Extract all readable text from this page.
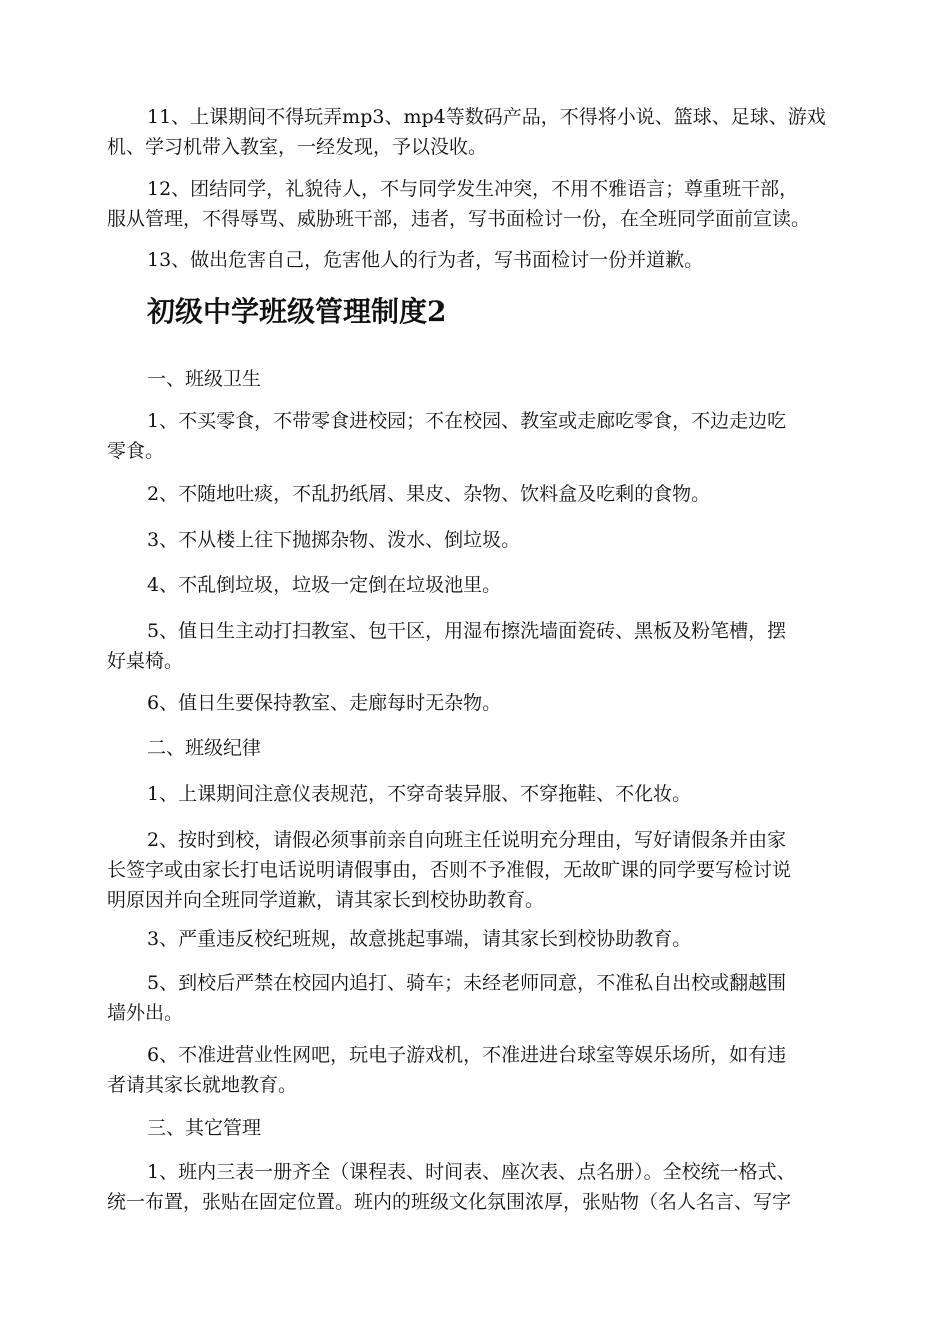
11、上课期间不得玩弄mp3、mp4等数码产品，不得将小说、篮球、足球、游戏
机、学习机带入教室，一经发现，予以没收。

12、团结同学，礼貌待人，不与同学发生冲突，不用不雅语言；尊重班干部，
服从管理，不得辱骂、威胁班干部，违者，写书面检讨一份，在全班同学面前宣读。

13、做出危害自己，危害他人的行为者，写书面检讨一份并道歉。

初级中学班级管理制度2

一、班级卫生

1、不买零食，不带零食进校园；不在校园、教室或走廊吃零食，不边走边吃
零食。

2、不随地吐痰，不乱扔纸屑、果皮、杂物、饮料盒及吃剩的食物。

3、不从楼上往下抛掷杂物、泼水、倒垃圾。

4、不乱倒垃圾，垃圾一定倒在垃圾池里。

5、值日生主动打扫教室、包干区，用湿布擦洗墙面瓷砖、黑板及粉笔槽，摆
好桌椅。

6、值日生要保持教室、走廊每时无杂物。

二、班级纪律

1、上课期间注意仪表规范，不穿奇装异服、不穿拖鞋、不化妆。

2、按时到校，请假必须事前亲自向班主任说明充分理由，写好请假条并由家
长签字或由家长打电话说明请假事由，否则不予准假，无故旷课的同学要写检讨说
明原因并向全班同学道歉，请其家长到校协助教育。

3、严重违反校纪班规，故意挑起事端，请其家长到校协助教育。

5、到校后严禁在校园内追打、骑车；未经老师同意，不准私自出校或翻越围
墙外出。

6、不准进营业性网吧，玩电子游戏机，不准进进台球室等娱乐场所，如有违
者请其家长就地教育。

三、其它管理

1、班内三表一册齐全（课程表、时间表、座次表、点名册）。全校统一格式、
统一布置，张贴在固定位置。班内的班级文化氛围浓厚，张贴物（名人名言、写字
